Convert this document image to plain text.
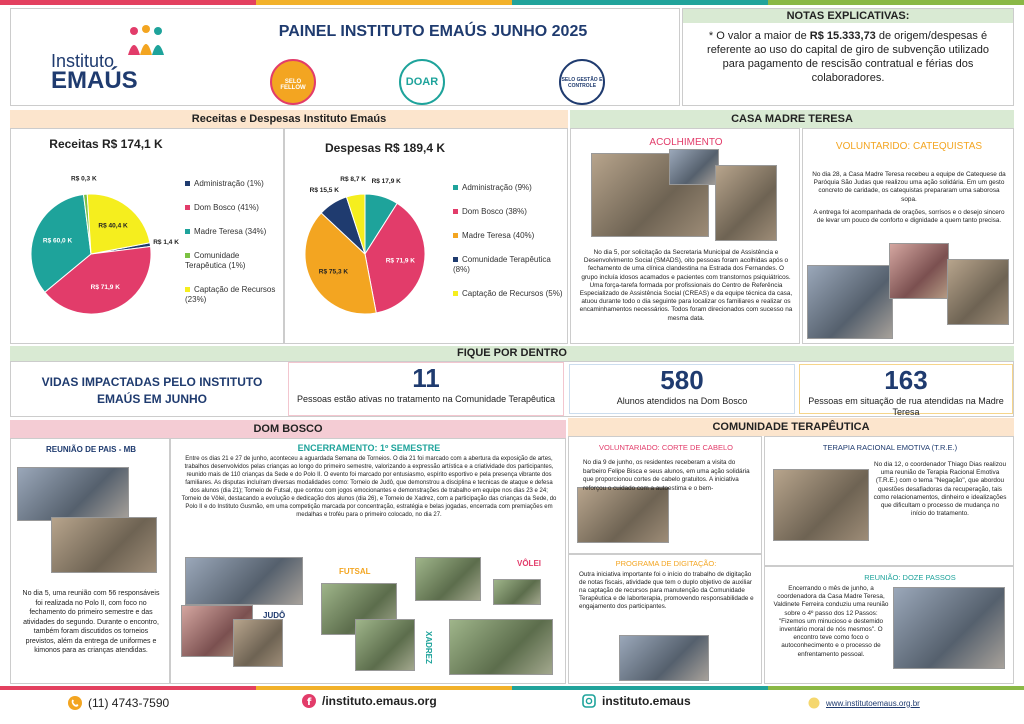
Instituto
EMAÚS
PAINEL INSTITUTO EMAÚS JUNHO 2025
SELO FELLOW	DOAR	SELO GESTÃO E CONTROLE
NOTAS EXPLICATIVAS:
* O valor a maior de R$ 15.333,73 de origem/despesas é referente ao uso do capital de giro de subvenção utilizado para pagamento de rescisão contratual e férias dos colaboradores.
Receitas e Despesas Instituto Emaús
Receitas R$ 174,1 K
R$ 1,4 K
R$ 71,9 K
R$ 60,0 K
R$ 0,3 K
R$ 40,4 K
Administração (1%)
Dom Bosco (41%)
Madre Teresa (34%)
Comunidade Terapêutica (1%)
Captação de Recursos (23%)
Despesas R$ 189,4 K
R$ 17,9 K
R$ 71,9 K
R$ 75,3 K
R$ 15,5 K
R$ 8,7 K
Administração (9%)
Dom Bosco (38%)
Madre Teresa (40%)
Comunidade Terapêutica (8%)
Captação de Recursos (5%)
CASA MADRE TERESA
ACOLHIMENTO
No dia 5, por solicitação da Secretaria Municipal de Assistência e Desenvolvimento Social (SMADS), oito pessoas foram acolhidas após o fechamento de uma clínica clandestina na Estrada dos Fernandes. O grupo incluía idosos acamados e pacientes com transtornos psiquiátricos. Uma força-tarefa formada por profissionais do Centro de Referência Especializado de Assistência Social (CREAS) e da equipe técnica da casa, atuou durante todo o dia seguinte para localizar os familiares e realizar os encaminhamentos necessários. Todos foram direcionados com sucesso na mesma data.
VOLUNTARIDO: CATEQUISTAS
No dia 28, a Casa Madre Teresa recebeu a equipe de Catequese da Paróquia São Judas que realizou uma ação solidária. Em um gesto concreto de caridade, os catequistas prepararam uma saborosa sopa.
A entrega foi acompanhada de orações, sorrisos e o desejo sincero de levar um pouco de conforto e dignidade a quem tanto precisa.
FIQUE POR DENTRO
VIDAS IMPACTADAS PELO INSTITUTO EMAÚS EM JUNHO
11
Pessoas estão ativas no tratamento na Comunidade Terapêutica
580
Alunos atendidos na Dom Bosco
163
Pessoas em situação de rua atendidas na Madre Teresa
DOM BOSCO
REUNIÃO DE PAIS - MB
No dia 5, uma reunião com 56 responsáveis foi realizada no Polo II, com foco no fechamento do primeiro semestre e das atividades do segundo. Durante o encontro, também foram discutidos os torneios previstos, além da entrega de uniformes e kimonos para as crianças atendidas.
ENCERRAMENTO: 1º SEMESTRE
Entre os dias 21 e 27 de junho, aconteceu a aguardada Semana de Torneios. O dia 21 foi marcado com a abertura da exposição de artes, trabalhos desenvolvidos pelas crianças ao longo do primeiro semestre, valorizando a expressão artística e a criatividade dos participantes, reunido mais de 110 crianças da Sede e do Polo II. O evento foi marcado por entusiasmo, espírito esportivo e pela presença vibrante dos familiares. As disputas incluíram diversas modalidades como: Torneio de Judô, que demonstrou a disciplina e tecnicas de ataque e defesa dos alunos (dia 21); Torneio de Futsal, que contou com jogos emocionantes e demonstrações de trabalho em equipe nos dias 23 e 24; Torneio de Vôlei, destacando a evolução e dedicação dos alunos (dia 26), e Torneio de Xadrez, com a participação das crianças da Sede, do Polo II e do Instituto Gusmão, em uma competição marcada por concentração, estratégia e belas jogadas, encerrada com premiações em medalhas e troféu para o primeiro colocado, no dia 27.
JUDÔ
FUTSAL
VÔLEI
XADREZ
COMUNIDADE TERAPÊUTICA
VOLUNTARIADO: CORTE DE CABELO
No dia 9 de junho, os residentes receberam a visita do barbeiro Felipe Bisca e seus alunos, em uma ação solidária que proporcionou cortes de cabelo gratuitos. A iniciativa reforçou o cuidado com a autoestima e o bem-
PROGRAMA DE DIGITAÇÃO:
Outra iniciativa importante foi o início do trabalho de digitação de notas fiscais, atividade que tem o duplo objetivo de auxiliar na captação de recursos para manutenção da Comunidade Terapêutica e de laborterapia, promovendo responsabilidade e engajamento dos participantes.
TERAPIA RACIONAL EMOTIVA (T.R.E.)
No dia 12, o coordenador Thiago Dias realizou uma reunião de Terapia Racional Emotiva (T.R.E.) com o tema "Negação", que abordou questões desafiadoras da recuperação, tais como relacionamentos, dinheiro e idealizações que dificultam o processo de mudança no início do tratamento.
REUNIÃO: DOZE PASSOS
Encerrando o mês de junho, a coordenadora da Casa Madre Teresa, Valdinete Ferreira conduziu uma reunião sobre o 4º passo dos 12 Passos: "Fizemos um minucioso e destemido inventário moral de nós mesmos". O encontro teve como foco o autoconhecimento e o processo de enfrentamento pessoal.
(11) 4743-7590	f /instituto.emaus.org	instituto.emaus	www.institutoemaus.org.br
